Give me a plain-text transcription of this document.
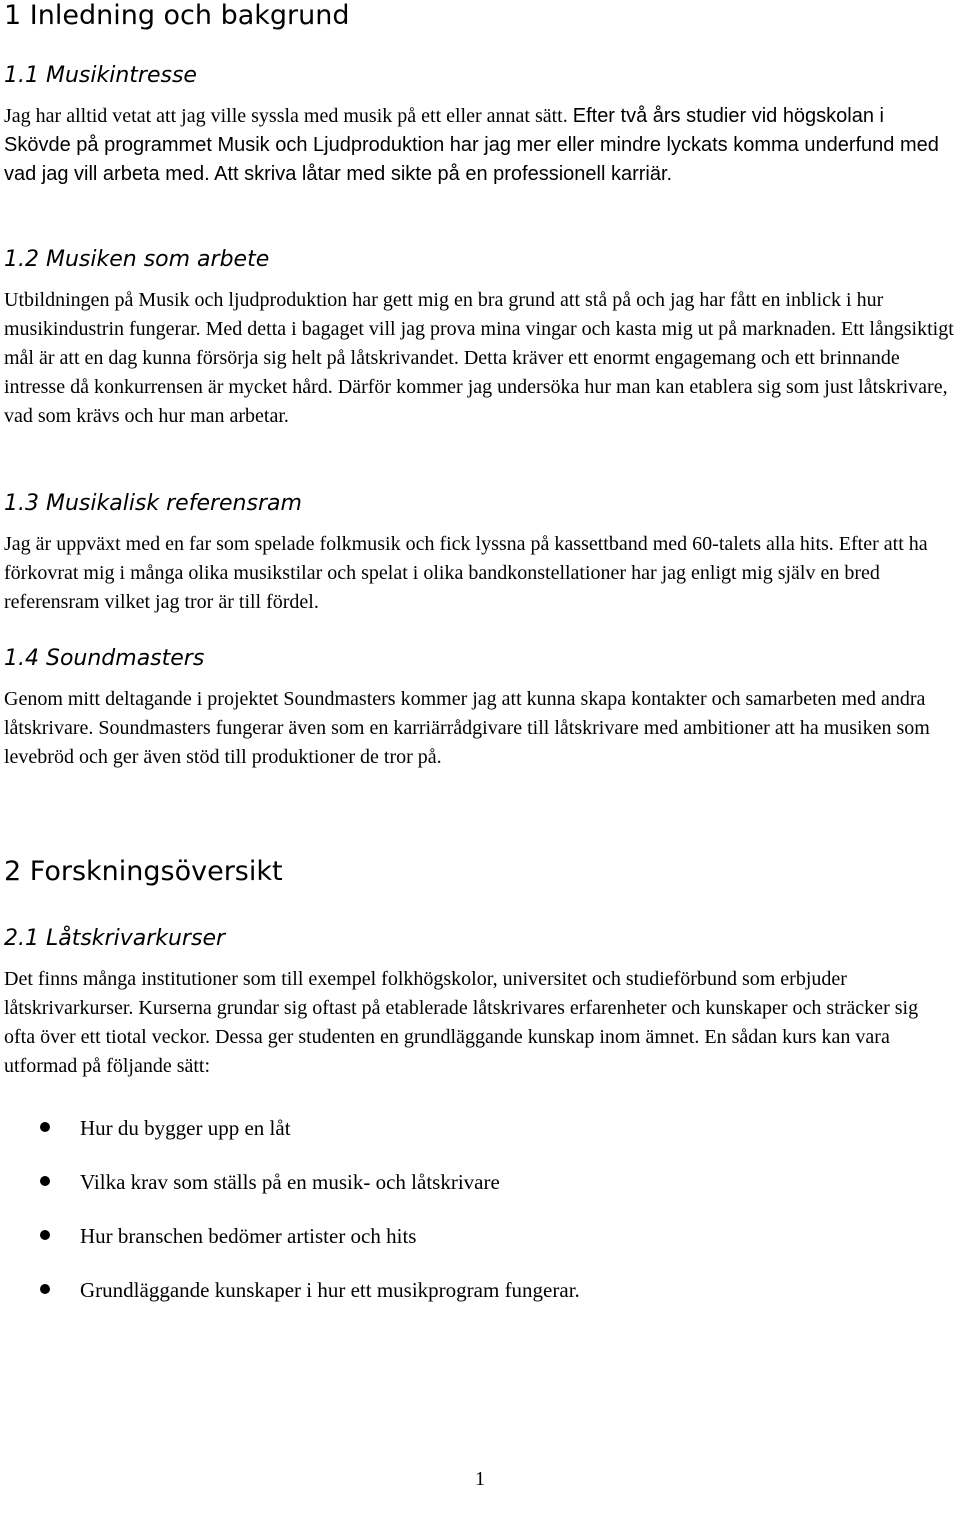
1 Inledning och bakgrund
1.1 Musikintresse

Jag har alltid vetat att jag ville syssla med musik på ett eller annat sätt. Efter två års studier vid högskolan i Skövde på programmet Musik och Ljudproduktion har jag mer eller mindre lyckats komma underfund med vad jag vill arbeta med. Att skriva låtar med sikte på en professionell karriär.

1.2 Musiken som arbete

Utbildningen på Musik och ljudproduktion har gett mig en bra grund att stå på och jag har fått en inblick i hur musikindustrin fungerar. Med detta i bagaget vill jag prova mina vingar och kasta mig ut på marknaden. Ett långsiktigt mål är att en dag kunna försörja sig helt på låtskrivandet. Detta kräver ett enormt engagemang och ett brinnande intresse då konkurrensen är mycket hård. Därför kommer jag undersöka hur man kan etablera sig som just låtskrivare, vad som krävs och hur man arbetar.

1.3 Musikalisk referensram

Jag är uppväxt med en far som spelade folkmusik och fick lyssna på kassettband med 60-talets alla hits. Efter att ha förkovrat mig i många olika musikstilar och spelat i olika bandkonstellationer har jag enligt mig själv en bred referensram vilket jag tror är till fördel.

1.4 Soundmasters

Genom mitt deltagande i projektet Soundmasters kommer jag att kunna skapa kontakter och samarbeten med andra låtskrivare. Soundmasters fungerar även som en karriärrådgivare till låtskrivare med ambitioner att ha musiken som levebröd och ger även stöd till produktioner de tror på.

2 Forskningsöversikt
2.1 Låtskrivarkurser

Det finns många institutioner som till exempel folkhögskolor, universitet och studieförbund som erbjuder låtskrivarkurser. Kurserna grundar sig oftast på etablerade låtskrivares erfarenheter och kunskaper och sträcker sig ofta över ett tiotal veckor. Dessa ger studenten en grundläggande kunskap inom ämnet. En sådan kurs kan vara utformad på följande sätt:

Hur du bygger upp en låt
Vilka krav som ställs på en musik- och låtskrivare
Hur branschen bedömer artister och hits
Grundläggande kunskaper i hur ett musikprogram fungerar.
1
